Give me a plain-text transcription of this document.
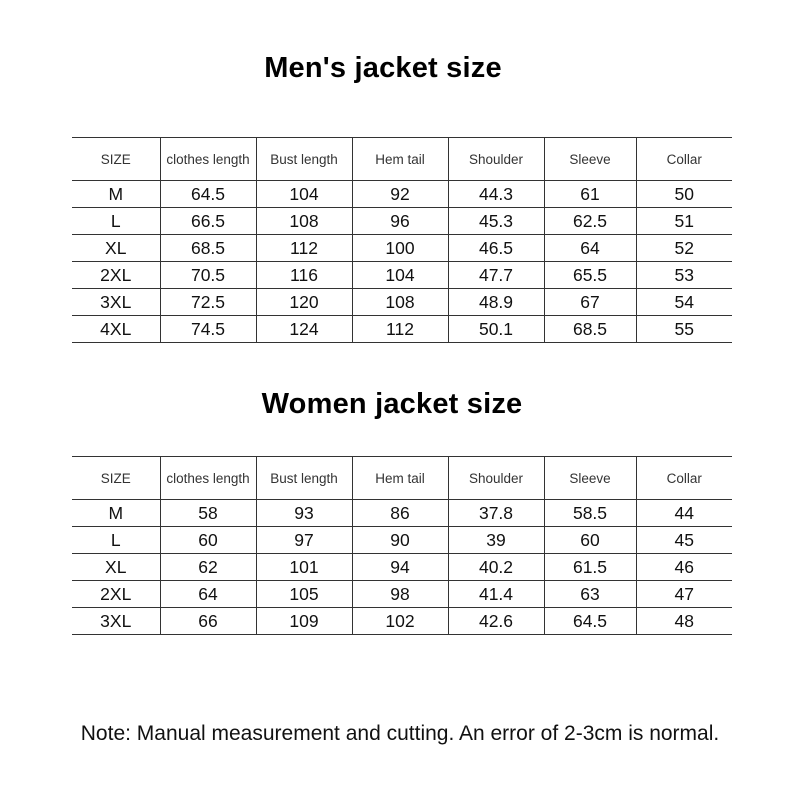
Men's jacket size
SIZE	clothes length	Bust length	Hem tail	Shoulder	Sleeve	Collar
M	64.5	104	92	44.3	61	50
L	66.5	108	96	45.3	62.5	51
XL	68.5	112	100	46.5	64	52
2XL	70.5	116	104	47.7	65.5	53
3XL	72.5	120	108	48.9	67	54
4XL	74.5	124	112	50.1	68.5	55
Women jacket size
SIZE	clothes length	Bust length	Hem tail	Shoulder	Sleeve	Collar
M	58	93	86	37.8	58.5	44
L	60	97	90	39	60	45
XL	62	101	94	40.2	61.5	46
2XL	64	105	98	41.4	63	47
3XL	66	109	102	42.6	64.5	48
Note: Manual measurement and cutting. An error of 2-3cm is normal.
